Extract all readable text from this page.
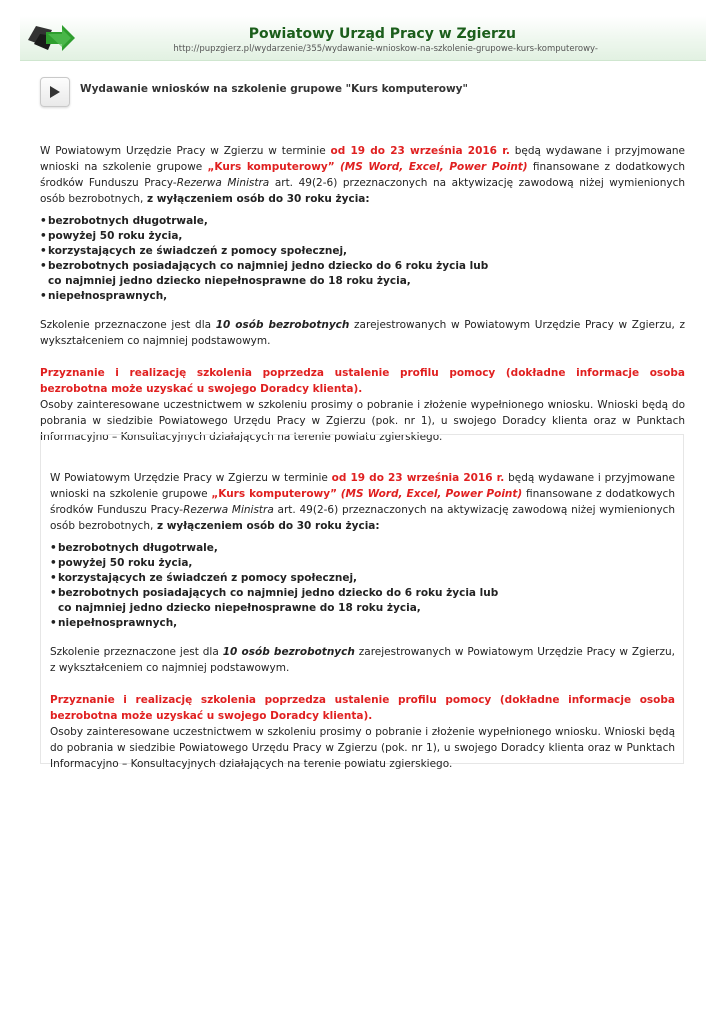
Powiatowy Urząd Pracy w Zgierzu
http://pupzgierz.pl/wydarzenie/355/wydawanie-wnioskow-na-szkolenie-grupowe-kurs-komputerowy-
Wydawanie wniosków na szkolenie grupowe "Kurs komputerowy"

W Powiatowym Urzędzie Pracy w Zgierzu w terminie od 19 do 23 września 2016 r. będą wydawane i przyjmowane wnioski na szkolenie grupowe „Kurs komputerowy” (MS Word, Excel, Power Point) finansowane z dodatkowych środków Funduszu Pracy-Rezerwa Ministra art. 49(2-6) przeznaczonych na aktywizację zawodową niżej wymienionych osób bezrobotnych, z wyłączeniem osób do 30 roku życia:

•bezrobotnych długotrwale,
•powyżej 50 roku życia,
•korzystających ze świadczeń z pomocy społecznej,
•bezrobotnych posiadających co najmniej jedno dziecko do 6 roku życia lub
co najmniej jedno dziecko niepełnosprawne do 18 roku życia,
•niepełnosprawnych,

Szkolenie przeznaczone jest dla 10 osób bezrobotnych zarejestrowanych w Powiatowym Urzędzie Pracy w Zgierzu, z wykształceniem co najmniej podstawowym.

Przyznanie i realizację szkolenia poprzedza ustalenie profilu pomocy (dokładne informacje osoba bezrobotna może uzyskać u swojego Doradcy klienta).

Osoby zainteresowane uczestnictwem w szkoleniu prosimy o pobranie i złożenie wypełnionego wniosku. Wnioski będą do pobrania w siedzibie Powiatowego Urzędu Pracy w Zgierzu (pok. nr 1), u swojego Doradcy klienta oraz w Punktach Informacyjno – Konsultacyjnych działających na terenie powiatu zgierskiego.

W Powiatowym Urzędzie Pracy w Zgierzu w terminie od 19 do 23 września 2016 r. będą wydawane i przyjmowane wnioski na szkolenie grupowe „Kurs komputerowy” (MS Word, Excel, Power Point) finansowane z dodatkowych środków Funduszu Pracy-Rezerwa Ministra art. 49(2-6) przeznaczonych na aktywizację zawodową niżej wymienionych osób bezrobotnych, z wyłączeniem osób do 30 roku życia:

•bezrobotnych długotrwale,
•powyżej 50 roku życia,
•korzystających ze świadczeń z pomocy społecznej,
•bezrobotnych posiadających co najmniej jedno dziecko do 6 roku życia lub
co najmniej jedno dziecko niepełnosprawne do 18 roku życia,
•niepełnosprawnych,

Szkolenie przeznaczone jest dla 10 osób bezrobotnych zarejestrowanych w Powiatowym Urzędzie Pracy w Zgierzu, z wykształceniem co najmniej podstawowym.

Przyznanie i realizację szkolenia poprzedza ustalenie profilu pomocy (dokładne informacje osoba bezrobotna może uzyskać u swojego Doradcy klienta).

Osoby zainteresowane uczestnictwem w szkoleniu prosimy o pobranie i złożenie wypełnionego wniosku. Wnioski będą do pobrania w siedzibie Powiatowego Urzędu Pracy w Zgierzu (pok. nr 1), u swojego Doradcy klienta oraz w Punktach Informacyjno – Konsultacyjnych działających na terenie powiatu zgierskiego.
